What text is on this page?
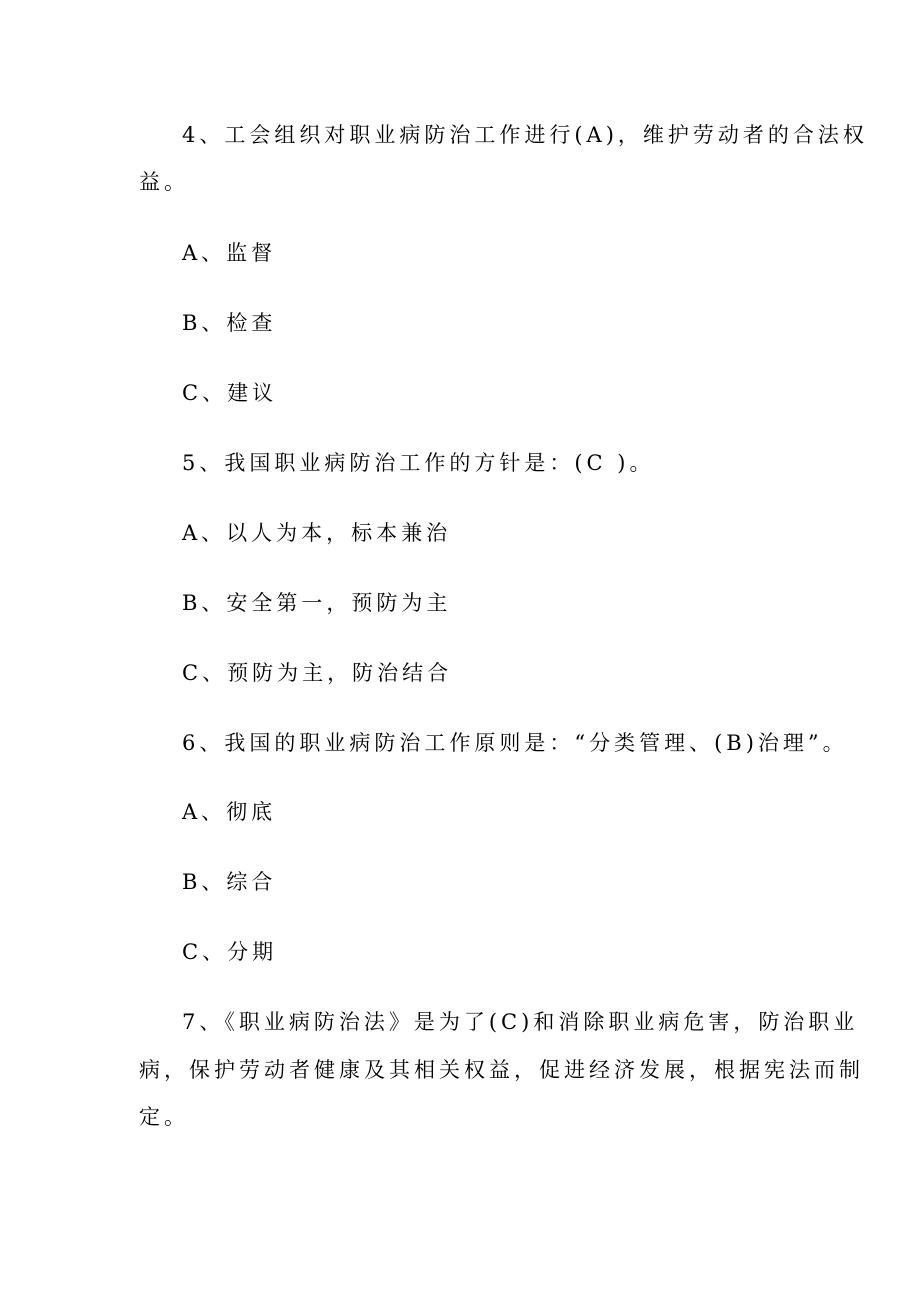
4、工会组织对职业病防治工作进行(A)，维护劳动者的合法权
益。
A、监督
B、检查
C、建议
5、我国职业病防治工作的方针是：(C )。
A、以人为本，标本兼治
B、安全第一，预防为主
C、预防为主，防治结合
6、我国的职业病防治工作原则是：“分类管理、(B)治理”。
A、彻底
B、综合
C、分期
7、《职业病防治法》是为了(C)和消除职业病危害，防治职业
病，保护劳动者健康及其相关权益，促进经济发展，根据宪法而制
定。
